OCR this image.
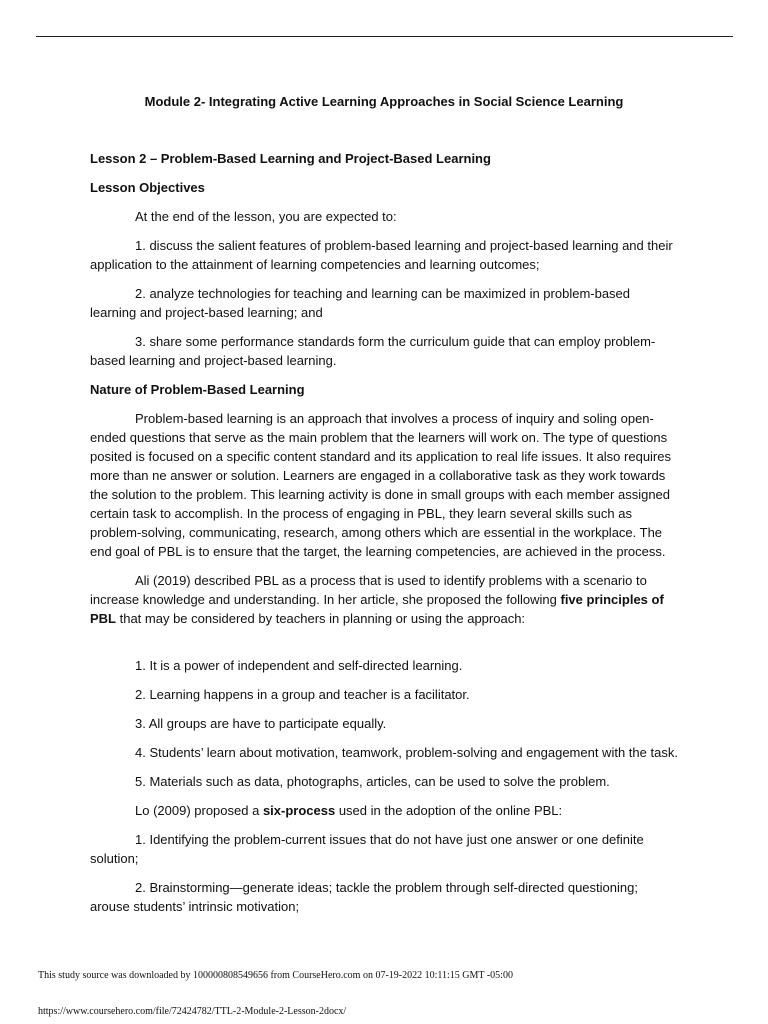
Module 2- Integrating Active Learning Approaches in Social Science Learning

Lesson 2 – Problem-Based Learning and Project-Based Learning

Lesson Objectives

At the end of the lesson, you are expected to:

1. discuss the salient features of problem-based learning and project-based learning and their application to the attainment of learning competencies and learning outcomes;

2. analyze technologies for teaching and learning can be maximized in problem-based learning and project-based learning; and

3. share some performance standards form the curriculum guide that can employ problem-based learning and project-based learning.

Nature of Problem-Based Learning

Problem-based learning is an approach that involves a process of inquiry and soling open-ended questions that serve as the main problem that the learners will work on. The type of questions posited is focused on a specific content standard and its application to real life issues. It also requires more than ne answer or solution. Learners are engaged in a collaborative task as they work towards the solution to the problem. This learning activity is done in small groups with each member assigned certain task to accomplish. In the process of engaging in PBL, they learn several skills such as problem-solving, communicating, research, among others which are essential in the workplace. The end goal of PBL is to ensure that the target, the learning competencies, are achieved in the process.

Ali (2019) described PBL as a process that is used to identify problems with a scenario to increase knowledge and understanding. In her article, she proposed the following five principles of PBL that may be considered by teachers in planning or using the approach:

1. It is a power of independent and self-directed learning.

2. Learning happens in a group and teacher is a facilitator.

3. All groups are have to participate equally.

4. Students’ learn about motivation, teamwork, problem-solving and engagement with the task.

5. Materials such as data, photographs, articles, can be used to solve the problem.

Lo (2009) proposed a six-process used in the adoption of the online PBL:

1. Identifying the problem-current issues that do not have just one answer or one definite solution;

2. Brainstorming—generate ideas; tackle the problem through self-directed questioning; arouse students’ intrinsic motivation;

This study source was downloaded by 100000808549656 from CourseHero.com on 07-19-2022 10:11:15 GMT -05:00
https://www.coursehero.com/file/72424782/TTL-2-Module-2-Lesson-2docx/
